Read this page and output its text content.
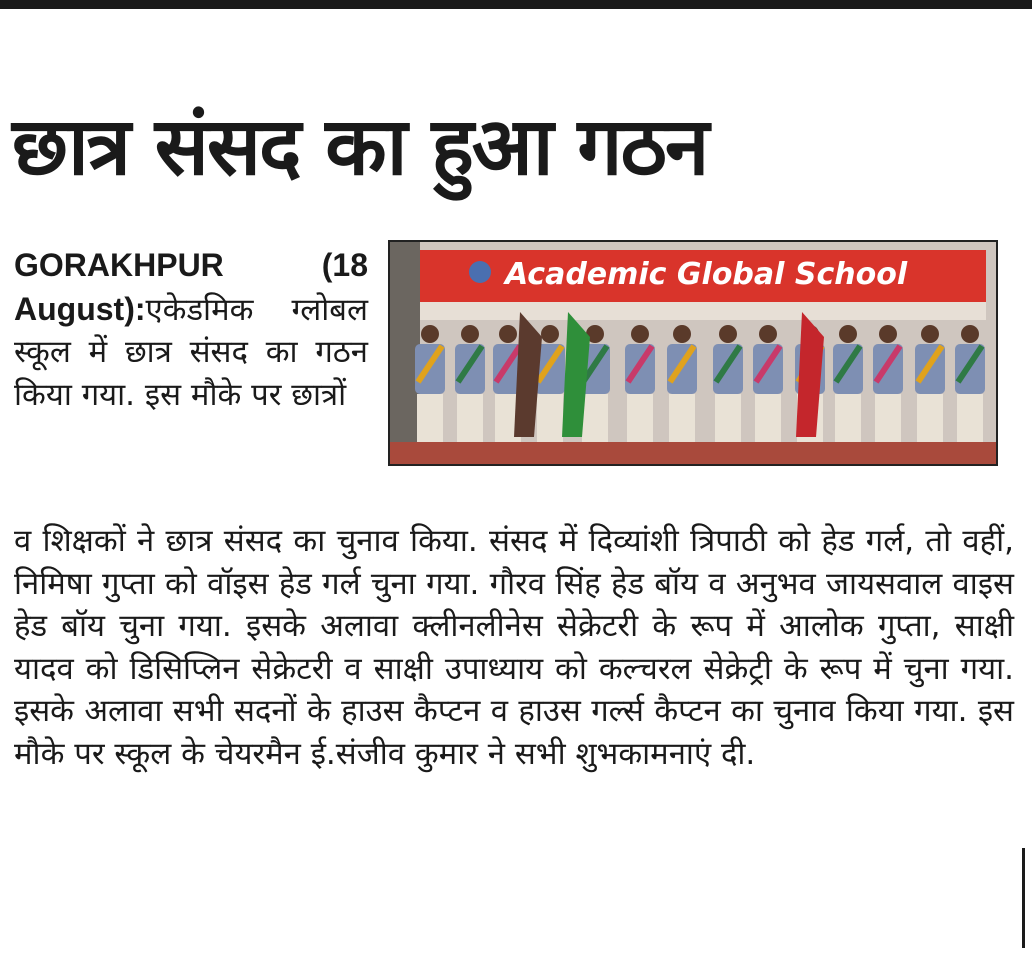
छात्र संसद का हुआ गठन
GORAKHPUR (18 August):एकेडमिक ग्लोबल स्कूल में छात्र संसद का गठन किया गया. इस मौके पर छात्रों
Academic Global School
व शिक्षकों ने छात्र संसद का चुनाव किया. संसद में दिव्यांशी त्रिपाठी को हेड गर्ल, तो वहीं, निमिषा गुप्ता को वॉइस हेड गर्ल चुना गया. गौरव सिंह हेड बॉय व अनुभव जायसवाल वाइस हेड बॉय चुना गया. इसके अलावा क्लीनलीनेस सेक्रेटरी के रूप में आलोक गुप्ता, साक्षी यादव को डिसिप्लिन सेक्रेटरी व साक्षी उपाध्याय को कल्चरल सेक्रेट्री के रूप में चुना गया. इसके अलावा सभी सदनों के हाउस कैप्टन व हाउस गर्ल्स कैप्टन का चुनाव किया गया. इस मौके पर स्कूल के चेयरमैन ई.संजीव कुमार ने सभी शुभकामनाएं दी.
